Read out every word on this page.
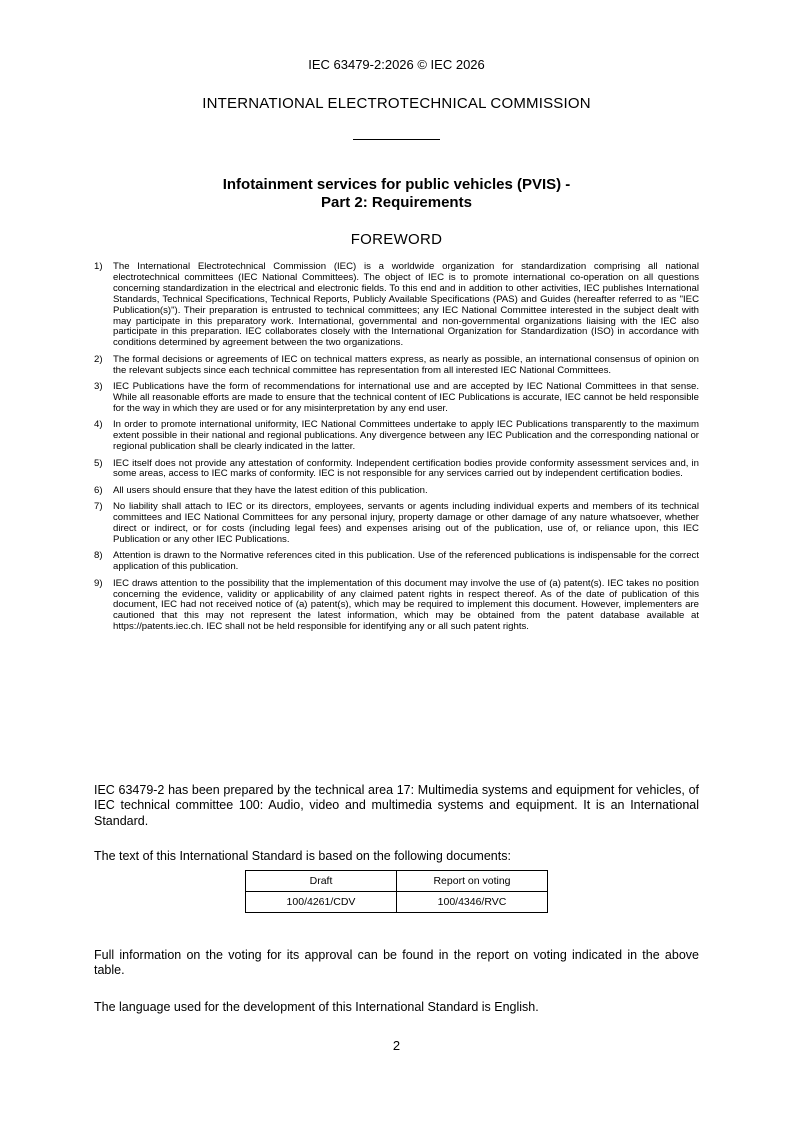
IEC 63479-2:2026 © IEC 2026
INTERNATIONAL ELECTROTECHNICAL COMMISSION
Infotainment services for public vehicles (PVIS) -
Part 2: Requirements
FOREWORD
1) The International Electrotechnical Commission (IEC) is a worldwide organization for standardization comprising all national electrotechnical committees (IEC National Committees). The object of IEC is to promote international co-operation on all questions concerning standardization in the electrical and electronic fields. To this end and in addition to other activities, IEC publishes International Standards, Technical Specifications, Technical Reports, Publicly Available Specifications (PAS) and Guides (hereafter referred to as "IEC Publication(s)"). Their preparation is entrusted to technical committees; any IEC National Committee interested in the subject dealt with may participate in this preparatory work. International, governmental and non-governmental organizations liaising with the IEC also participate in this preparation. IEC collaborates closely with the International Organization for Standardization (ISO) in accordance with conditions determined by agreement between the two organizations.
2) The formal decisions or agreements of IEC on technical matters express, as nearly as possible, an international consensus of opinion on the relevant subjects since each technical committee has representation from all interested IEC National Committees.
3) IEC Publications have the form of recommendations for international use and are accepted by IEC National Committees in that sense. While all reasonable efforts are made to ensure that the technical content of IEC Publications is accurate, IEC cannot be held responsible for the way in which they are used or for any misinterpretation by any end user.
4) In order to promote international uniformity, IEC National Committees undertake to apply IEC Publications transparently to the maximum extent possible in their national and regional publications. Any divergence between any IEC Publication and the corresponding national or regional publication shall be clearly indicated in the latter.
5) IEC itself does not provide any attestation of conformity. Independent certification bodies provide conformity assessment services and, in some areas, access to IEC marks of conformity. IEC is not responsible for any services carried out by independent certification bodies.
6) All users should ensure that they have the latest edition of this publication.
7) No liability shall attach to IEC or its directors, employees, servants or agents including individual experts and members of its technical committees and IEC National Committees for any personal injury, property damage or other damage of any nature whatsoever, whether direct or indirect, or for costs (including legal fees) and expenses arising out of the publication, use of, or reliance upon, this IEC Publication or any other IEC Publications.
8) Attention is drawn to the Normative references cited in this publication. Use of the referenced publications is indispensable for the correct application of this publication.
9) IEC draws attention to the possibility that the implementation of this document may involve the use of (a) patent(s). IEC takes no position concerning the evidence, validity or applicability of any claimed patent rights in respect thereof. As of the date of publication of this document, IEC had not received notice of (a) patent(s), which may be required to implement this document. However, implementers are cautioned that this may not represent the latest information, which may be obtained from the patent database available at https://patents.iec.ch. IEC shall not be held responsible for identifying any or all such patent rights.

IEC 63479-2 has been prepared by the technical area 17: Multimedia systems and equipment for vehicles, of IEC technical committee 100: Audio, video and multimedia systems and equipment. It is an International Standard.

The text of this International Standard is based on the following documents:

Draft	Report on voting
100/4261/CDV	100/4346/RVC

Full information on the voting for its approval can be found in the report on voting indicated in the above table.

The language used for the development of this International Standard is English.

2
